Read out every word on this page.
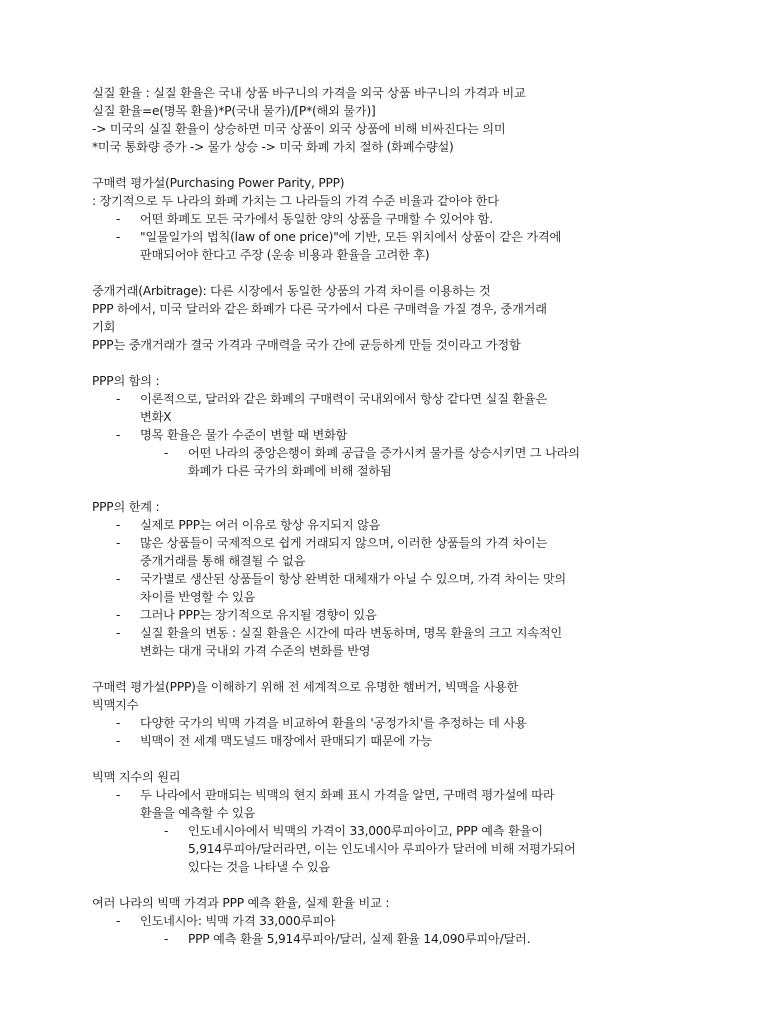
실질 환율 : 실질 환율은 국내 상품 바구니의 가격을 외국 상품 바구니의 가격과 비교
실질 환율=e(명목 환율)*P(국내 물가)/[P*(해외 물가)]
-> 미국의 실질 환율이 상승하면 미국 상품이 외국 상품에 비해 비싸진다는 의미
*미국 통화량 증가 -> 물가 상승 -> 미국 화폐 가치 절하 (화폐수량설)
구매력 평가설(Purchasing Power Parity, PPP)
: 장기적으로 두 나라의 화폐 가치는 그 나라들의 가격 수준 비율과 같아야 한다
- 어떤 화폐도 모든 국가에서 동일한 양의 상품을 구매할 수 있어야 함.
- "일물일가의 법칙(law of one price)"에 기반, 모든 위치에서 상품이 같은 가격에
판매되어야 한다고 주장 (운송 비용과 환율을 고려한 후)
중개거래(Arbitrage): 다른 시장에서 동일한 상품의 가격 차이를 이용하는 것
PPP 하에서, 미국 달러와 같은 화폐가 다른 국가에서 다른 구매력을 가질 경우, 중개거래
기회
PPP는 중개거래가 결국 가격과 구매력을 국가 간에 균등하게 만들 것이라고 가정함
PPP의 함의 :
- 이론적으로, 달러와 같은 화폐의 구매력이 국내외에서 항상 같다면 실질 환율은
변화X
- 명목 환율은 물가 수준이 변할 때 변화함
- 어떤 나라의 중앙은행이 화폐 공급을 증가시켜 물가를 상승시키면 그 나라의
화폐가 다른 국가의 화폐에 비해 절하됨
PPP의 한계 :
- 실제로 PPP는 여러 이유로 항상 유지되지 않음
- 많은 상품들이 국제적으로 쉽게 거래되지 않으며, 이러한 상품들의 가격 차이는
중개거래를 통해 해결될 수 없음
- 국가별로 생산된 상품들이 항상 완벽한 대체재가 아닐 수 있으며, 가격 차이는 맛의
차이를 반영할 수 있음
- 그러나 PPP는 장기적으로 유지될 경향이 있음
- 실질 환율의 변동 : 실질 환율은 시간에 따라 변동하며, 명목 환율의 크고 지속적인
변화는 대개 국내외 가격 수준의 변화를 반영
구매력 평가설(PPP)을 이해하기 위해 전 세계적으로 유명한 햄버거, 빅맥을 사용한
빅맥지수
- 다양한 국가의 빅맥 가격을 비교하여 환율의 '공정가치'를 추정하는 데 사용
- 빅맥이 전 세계 맥도널드 매장에서 판매되기 때문에 가능
빅맥 지수의 원리
- 두 나라에서 판매되는 빅맥의 현지 화폐 표시 가격을 알면, 구매력 평가설에 따라
환율을 예측할 수 있음
- 인도네시아에서 빅맥의 가격이 33,000루피아이고, PPP 예측 환율이
5,914루피아/달러라면, 이는 인도네시아 루피아가 달러에 비해 저평가되어
있다는 것을 나타낼 수 있음
여러 나라의 빅맥 가격과 PPP 예측 환율, 실제 환율 비교 :
- 인도네시아: 빅맥 가격 33,000루피아
- PPP 예측 환율 5,914루피아/달러, 실제 환율 14,090루피아/달러.
